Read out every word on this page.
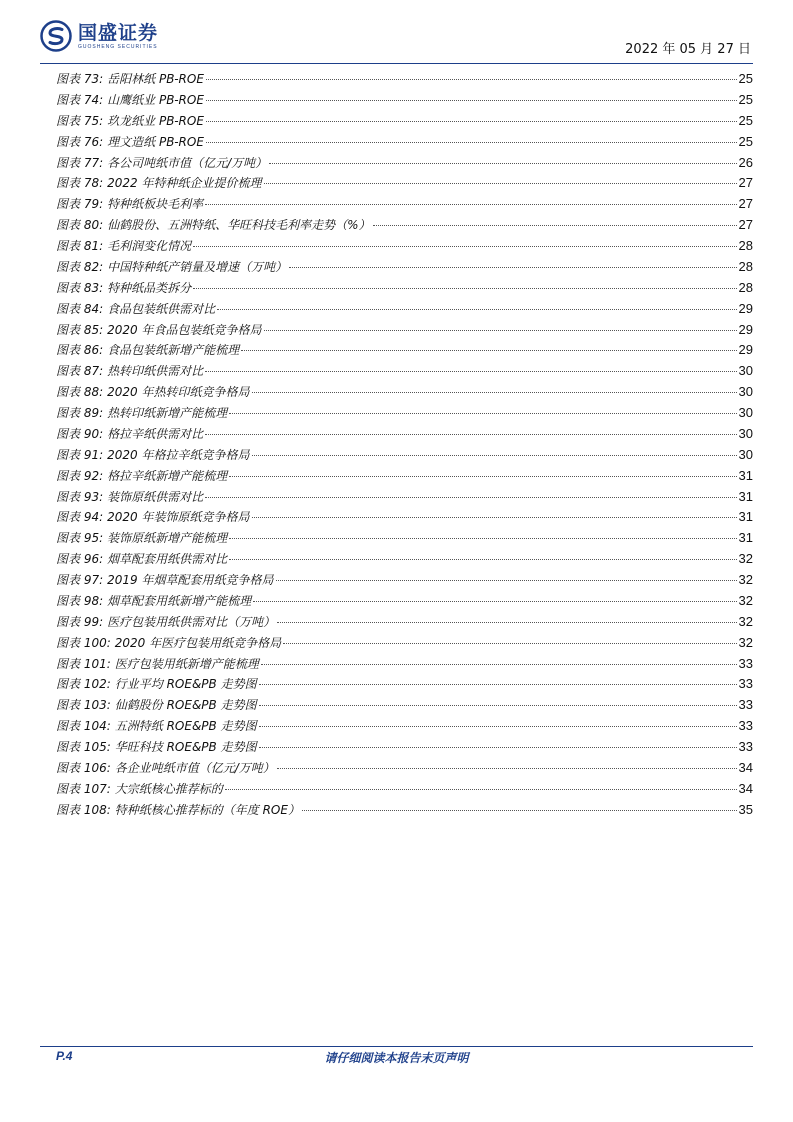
国盛证券
GUOSHENG SECURITIES	2022 年 05 月 27 日
图表 73: 岳阳林纸 PB-ROE	25
图表 74: 山鹰纸业 PB-ROE	25
图表 75: 玖龙纸业 PB-ROE	25
图表 76: 理文造纸 PB-ROE	25
图表 77: 各公司吨纸市值（亿元/万吨）	26
图表 78: 2022 年特种纸企业提价梳理	27
图表 79: 特种纸板块毛利率	27
图表 80: 仙鹤股份、五洲特纸、华旺科技毛利率走势（%）	27
图表 81: 毛利润变化情况	28
图表 82: 中国特种纸产销量及增速（万吨）	28
图表 83: 特种纸品类拆分	28
图表 84: 食品包装纸供需对比	29
图表 85: 2020 年食品包装纸竞争格局	29
图表 86: 食品包装纸新增产能梳理	29
图表 87: 热转印纸供需对比	30
图表 88: 2020 年热转印纸竞争格局	30
图表 89: 热转印纸新增产能梳理	30
图表 90: 格拉辛纸供需对比	30
图表 91: 2020 年格拉辛纸竞争格局	30
图表 92: 格拉辛纸新增产能梳理	31
图表 93: 装饰原纸供需对比	31
图表 94: 2020 年装饰原纸竞争格局	31
图表 95: 装饰原纸新增产能梳理	31
图表 96: 烟草配套用纸供需对比	32
图表 97: 2019 年烟草配套用纸竞争格局	32
图表 98: 烟草配套用纸新增产能梳理	32
图表 99: 医疗包装用纸供需对比（万吨）	32
图表 100: 2020 年医疗包装用纸竞争格局	32
图表 101: 医疗包装用纸新增产能梳理	33
图表 102: 行业平均 ROE&PB 走势图	33
图表 103: 仙鹤股份 ROE&PB 走势图	33
图表 104: 五洲特纸 ROE&PB 走势图	33
图表 105: 华旺科技 ROE&PB 走势图	33
图表 106: 各企业吨纸市值（亿元/万吨）	34
图表 107: 大宗纸核心推荐标的	34
图表 108: 特种纸核心推荐标的（年度 ROE）	35
P.4	请仔细阅读本报告末页声明
